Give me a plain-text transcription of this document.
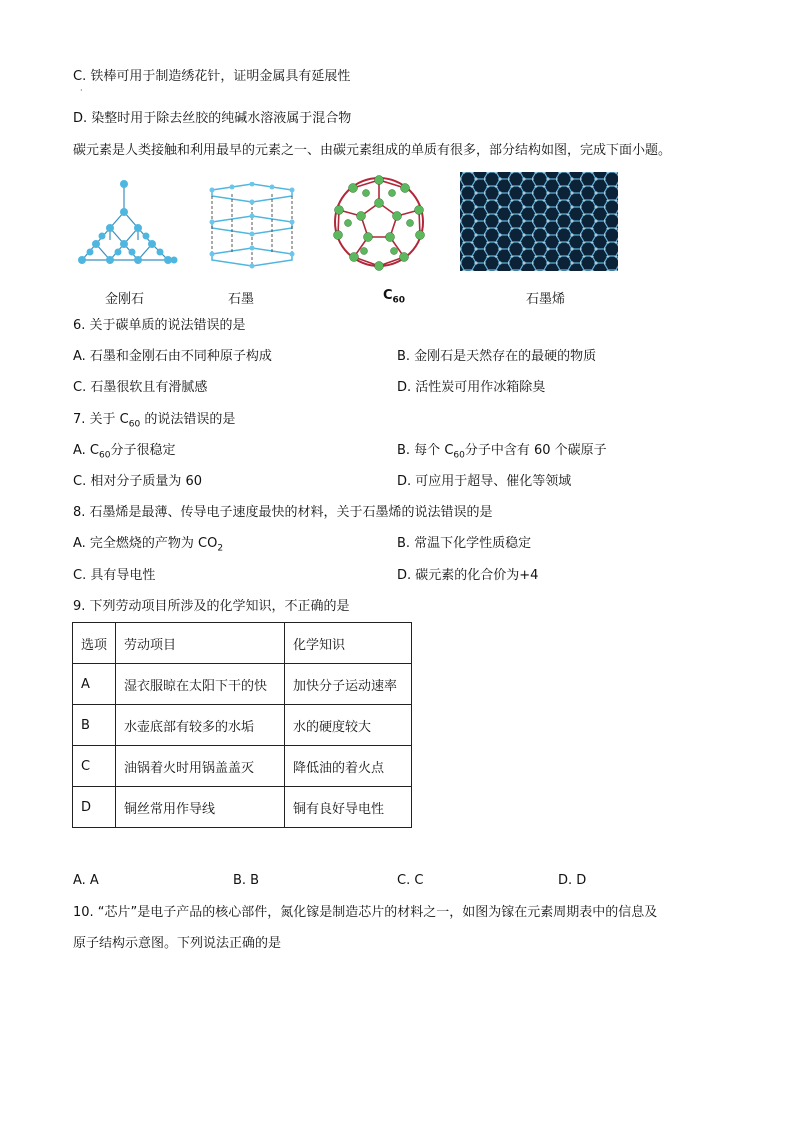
C. 铁棒可用于制造绣花针，证明金属具有延展性
·
D. 染整时用于除去丝胶的纯碱水溶液属于混合物
碳元素是人类接触和利用最早的元素之一、由碳元素组成的单质有很多，部分结构如图，完成下面小题。
金刚石	石墨	$C_{60}$	石墨烯
6. 关于碳单质的说法错误的是
A. 石墨和金刚石由不同种原子构成	B. 金刚石是天然存在的最硬的物质
C. 石墨很软且有滑腻感	D. 活性炭可用作冰箱除臭
7. 关于 $C_{60}$ 的说法错误的是
A. $C_{60}$分子很稳定	B. 每个 $C_{60}$分子中含有 60 个碳原子
C. 相对分子质量为 60	D. 可应用于超导、催化等领域
8. 石墨烯是最薄、传导电子速度最快的材料，关于石墨烯的说法错误的是
A. 完全燃烧的产物为 $CO_2$	B. 常温下化学性质稳定
C. 具有导电性	D. 碳元素的化合价为+4
9. 下列劳动项目所涉及的化学知识，不正确的是
选项	劳动项目	化学知识
A	湿衣服晾在太阳下干的快	加快分子运动速率
B	水壶底部有较多的水垢	水的硬度较大
C	油锅着火时用锅盖盖灭	降低油的着火点
D	铜丝常用作导线	铜有良好导电性
A. A	B. B	C. C	D. D
10. “芯片”是电子产品的核心部件，氮化镓是制造芯片的材料之一，如图为镓在元素周期表中的信息及
原子结构示意图。下列说法正确的是
